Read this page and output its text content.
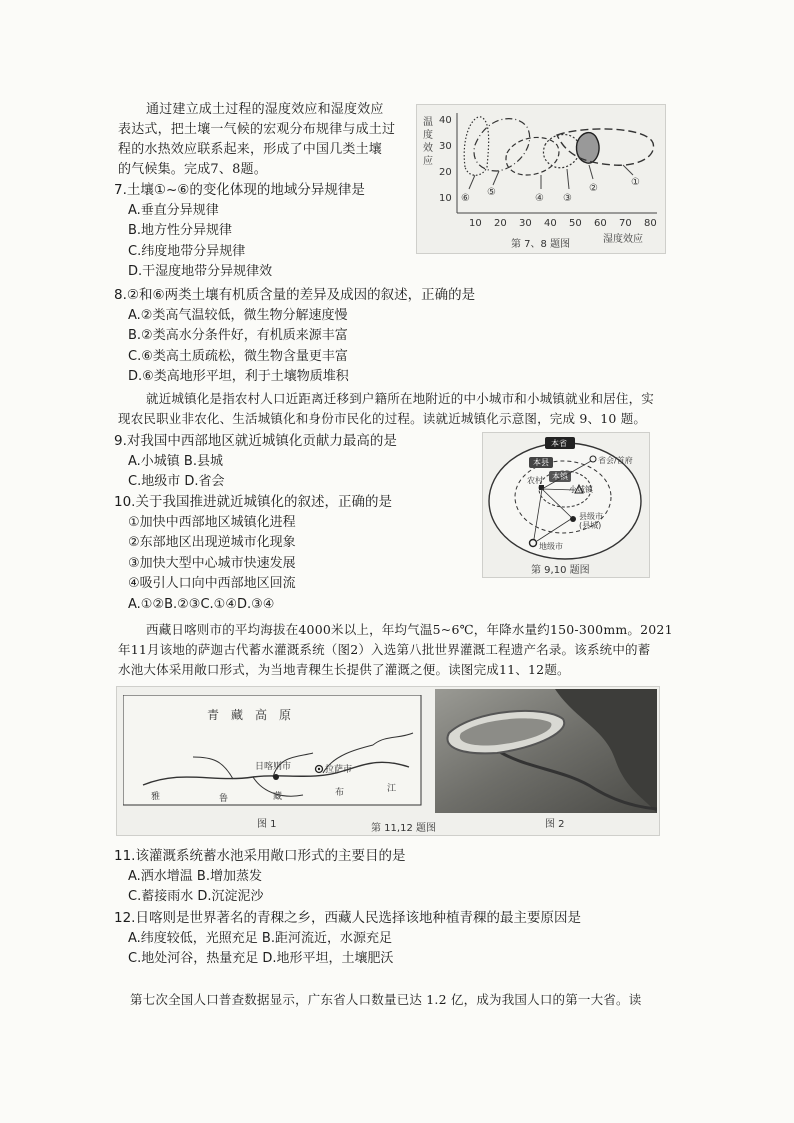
通过建立成土过程的湿度效应和湿度效应
表达式，把土壤一气候的宏观分布规律与成土过
程的水热效应联系起来，形成了中国几类土壤
的气候集。完成7、8题。
7.土壤①~⑥的变化体现的地域分异规律是
A.垂直分异规律
B.地方性分异规律
C.纬度地带分异规律
D.干湿度地带分异规律效
温
度
效
应
40
30
20
10
10 20 30 40 50 60 70 80
湿度效应
⑥
⑤
④ ③
②
①
第 7、8 题图
8.②和⑥两类土壤有机质含量的差异及成因的叙述，正确的是
A.②类高气温较低，微生物分解速度慢
B.②类高水分条件好，有机质来源丰富
C.⑥类高土质疏松，微生物含量更丰富
D.⑥类高地形平坦，利于土壤物质堆积
就近城镇化是指农村人口近距离迁移到户籍所在地附近的中小城市和小城镇就业和居住，实
现农民职业非农化、生活城镇化和身份市民化的过程。读就近城镇化示意图，完成 9、10 题。
9.对我国中西部地区就近城镇化贡献力最高的是
A.小城镇 B.县城
C.地级市 D.省会
10.关于我国推进就近城镇化的叙述，正确的是
①加快中西部地区城镇化进程
②东部地区出现逆城市化现象
③加快大型中心城市快速发展
④吸引人口向中西部地区回流
A.①②B.②③C.①④D.③④
本省
本县
本镇
省会/首府
农村
小城镇
县级市
(县城)
地级市
第 9,10 题图
西藏日喀则市的平均海拔在4000米以上，年均气温5~6℃，年降水量约150-300mm。2021
年11月该地的萨迦古代蓄水灌溉系统（图2）入选第八批世界灌溉工程遗产名录。该系统中的蓄
水池大体采用敞口形式，为当地青稞生长提供了灌溉之便。读图完成11、12题。
青　藏　高　原
日喀则市	拉萨市
雅	鲁	藏	布	江
图 1	第 11,12 题图	图 2
11.该灌溉系统蓄水池采用敞口形式的主要目的是
A.洒水增温 B.增加蒸发
C.蓄接雨水 D.沉淀泥沙
12.日喀则是世界著名的青稞之乡，西藏人民选择该地种植青稞的最主要原因是
A.纬度较低，光照充足 B.距河流近，水源充足
C.地处河谷，热量充足 D.地形平坦，土壤肥沃
第七次全国人口普查数据显示，广东省人口数量已达 1.2 亿，成为我国人口的第一大省。读
